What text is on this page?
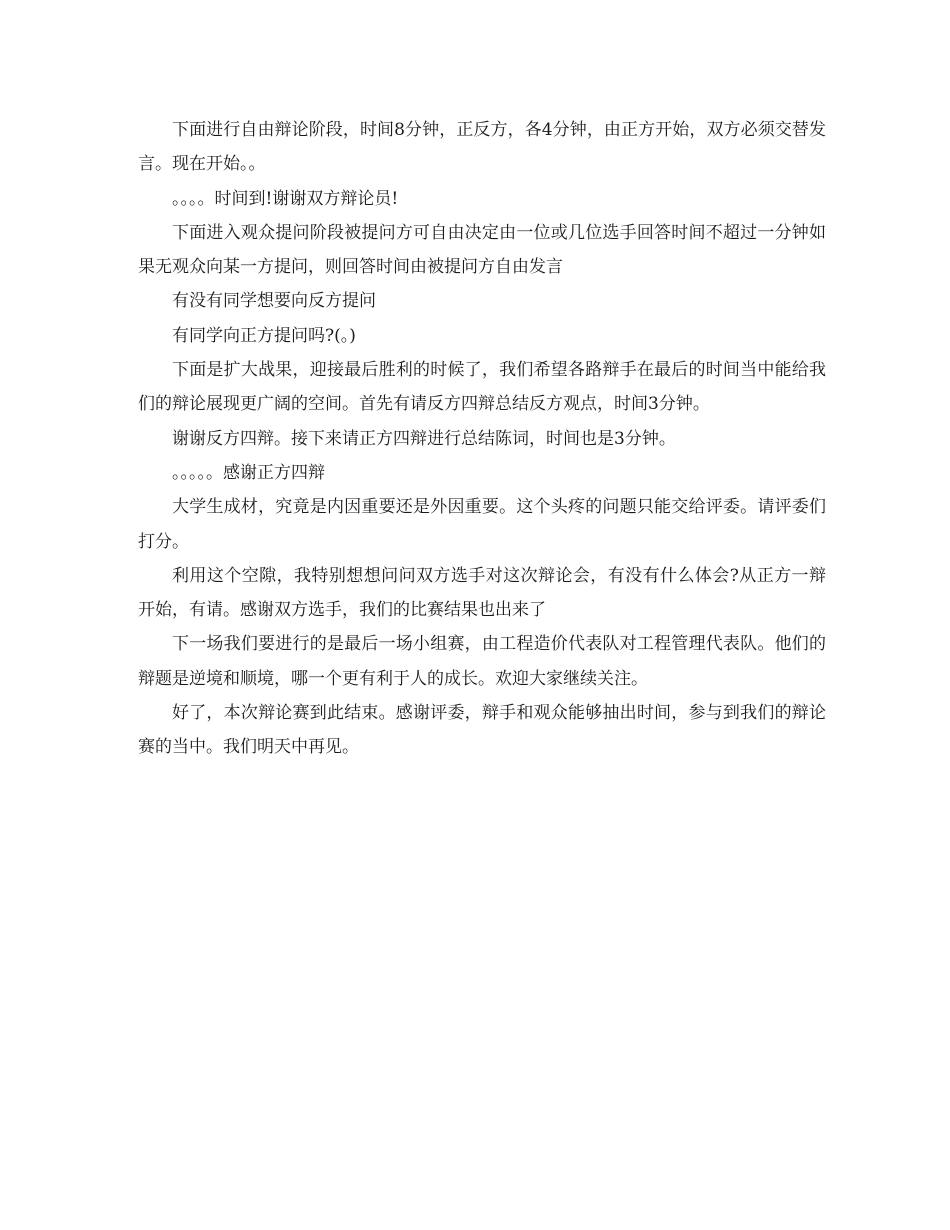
下面进行自由辩论阶段，时间8分钟，正反方，各4分钟，由正方开始，双方必须交替发言。现在开始。。

。。。。时间到!谢谢双方辩论员!

下面进入观众提问阶段被提问方可自由决定由一位或几位选手回答时间不超过一分钟如果无观众向某一方提问，则回答时间由被提问方自由发言

有没有同学想要向反方提问

有同学向正方提问吗?(。)

下面是扩大战果，迎接最后胜利的时候了，我们希望各路辩手在最后的时间当中能给我们的辩论展现更广阔的空间。首先有请反方四辩总结反方观点，时间3分钟。

谢谢反方四辩。接下来请正方四辩进行总结陈词，时间也是3分钟。

。。。。。感谢正方四辩

大学生成材，究竟是内因重要还是外因重要。这个头疼的问题只能交给评委。请评委们打分。

利用这个空隙，我特别想想问问双方选手对这次辩论会，有没有什么体会?从正方一辩开始，有请。感谢双方选手，我们的比赛结果也出来了

下一场我们要进行的是最后一场小组赛，由工程造价代表队对工程管理代表队。他们的辩题是逆境和顺境，哪一个更有利于人的成长。欢迎大家继续关注。

好了，本次辩论赛到此结束。感谢评委，辩手和观众能够抽出时间，参与到我们的辩论赛的当中。我们明天中再见。
